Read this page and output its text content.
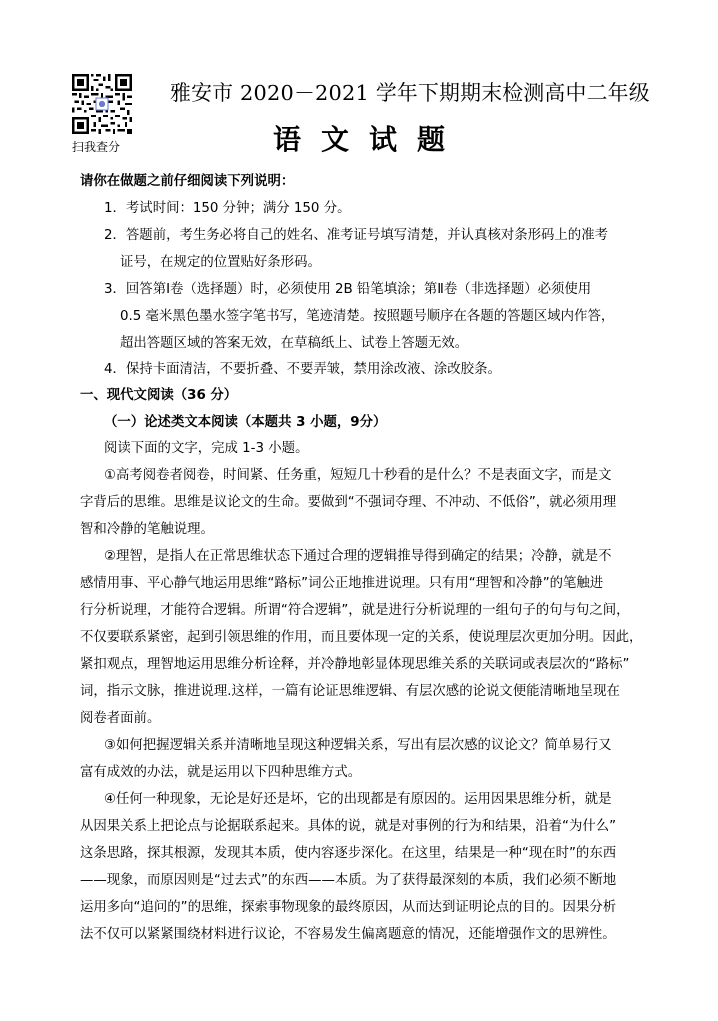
扫我查分
雅安市 2020－2021 学年下期期末检测高中二年级
语文试题
请你在做题之前仔细阅读下列说明：
1．考试时间：150 分钟；满分 150 分。
2．答题前，考生务必将自己的姓名、准考证号填写清楚，并认真核对条形码上的准考
证号，在规定的位置贴好条形码。
3．回答第Ⅰ卷（选择题）时，必须使用 2B 铅笔填涂；第Ⅱ卷（非选择题）必须使用
0.5 毫米黑色墨水签字笔书写，笔迹清楚。按照题号顺序在各题的答题区域内作答，
超出答题区域的答案无效，在草稿纸上、试卷上答题无效。
4．保持卡面清洁，不要折叠、不要弄皱，禁用涂改液、涂改胶条。
一、现代文阅读（36 分）
（一）论述类文本阅读（本题共 3 小题，9分）
阅读下面的文字，完成 1-3 小题。
①高考阅卷者阅卷，时间紧、任务重，短短几十秒看的是什么？不是表面文字，而是文
字背后的思维。思维是议论文的生命。要做到“不强词夺理、不冲动、不低俗”，就必须用理
智和冷静的笔触说理。
②理智，是指人在正常思维状态下通过合理的逻辑推导得到确定的结果；冷静，就是不
感情用事、平心静气地运用思维“路标”词公正地推进说理。只有用“理智和冷静”的笔触进
行分析说理，才能符合逻辑。所谓“符合逻辑”，就是进行分析说理的一组句子的句与句之间，
不仅要联系紧密，起到引领思维的作用，而且要体现一定的关系，使说理层次更加分明。因此，
紧扣观点，理智地运用思维分析诠释，并冷静地彰显体现思维关系的关联词或表层次的“路标”
词，指示文脉，推进说理.这样，一篇有论证思维逻辑、有层次感的论说文便能清晰地呈现在
阅卷者面前。
③如何把握逻辑关系并清晰地呈现这种逻辑关系，写出有层次感的议论文？简单易行又
富有成效的办法，就是运用以下四种思维方式。
④任何一种现象，无论是好还是坏，它的出现都是有原因的。运用因果思维分析，就是
从因果关系上把论点与论据联系起来。具体的说，就是对事例的行为和结果，沿着“为什么”
这条思路，探其根源，发现其本质，使内容逐步深化。在这里，结果是一种“现在时”的东西
——现象，而原因则是“过去式”的东西——本质。为了获得最深刻的本质，我们必须不断地
运用多向“追问的”的思维，探索事物现象的最终原因，从而达到证明论点的目的。因果分析
法不仅可以紧紧围绕材料进行议论，不容易发生偏离题意的情况，还能增强作文的思辨性。
